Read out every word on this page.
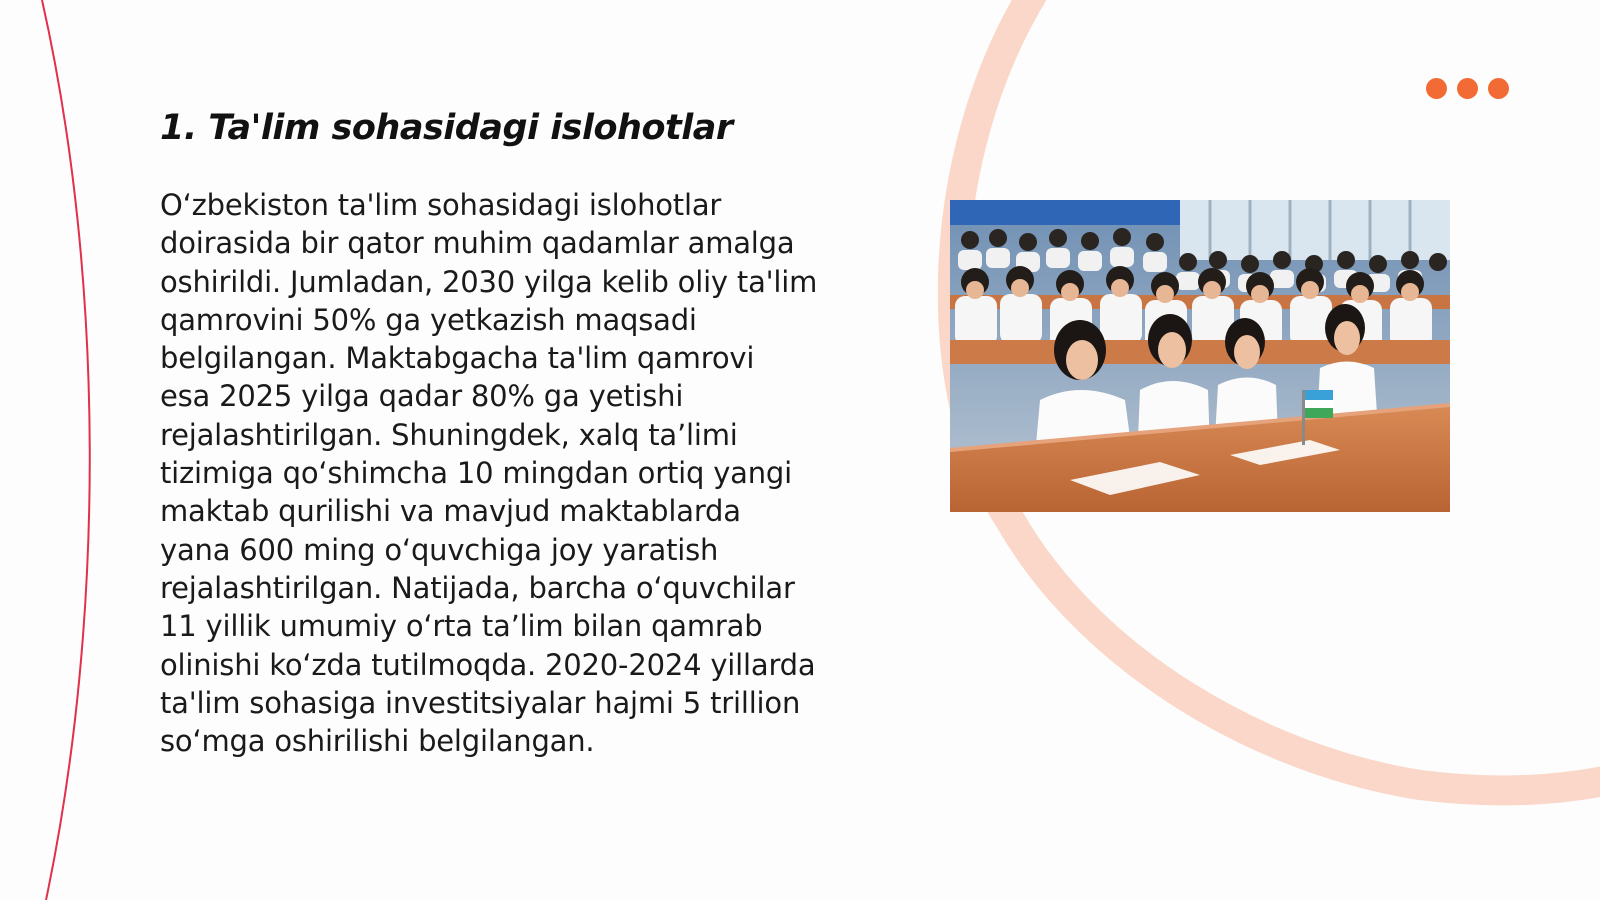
1. Ta'lim sohasidagi islohotlar

O‘zbekiston ta'lim sohasidagi islohotlar
doirasida bir qator muhim qadamlar amalga
oshirildi. Jumladan, 2030 yilga kelib oliy ta'lim
qamrovini 50% ga yetkazish maqsadi
belgilangan. Maktabgacha ta'lim qamrovi
esa 2025 yilga qadar 80% ga yetishi
rejalashtirilgan. Shuningdek, xalq ta’limi
tizimiga qo‘shimcha 10 mingdan ortiq yangi
maktab qurilishi va mavjud maktablarda
yana 600 ming o‘quvchiga joy yaratish
rejalashtirilgan. Natijada, barcha o‘quvchilar
11 yillik umumiy o‘rta ta’lim bilan qamrab
olinishi ko‘zda tutilmoqda. 2020-2024 yillarda
ta'lim sohasiga investitsiyalar hajmi 5 trillion
so‘mga oshirilishi belgilangan.
